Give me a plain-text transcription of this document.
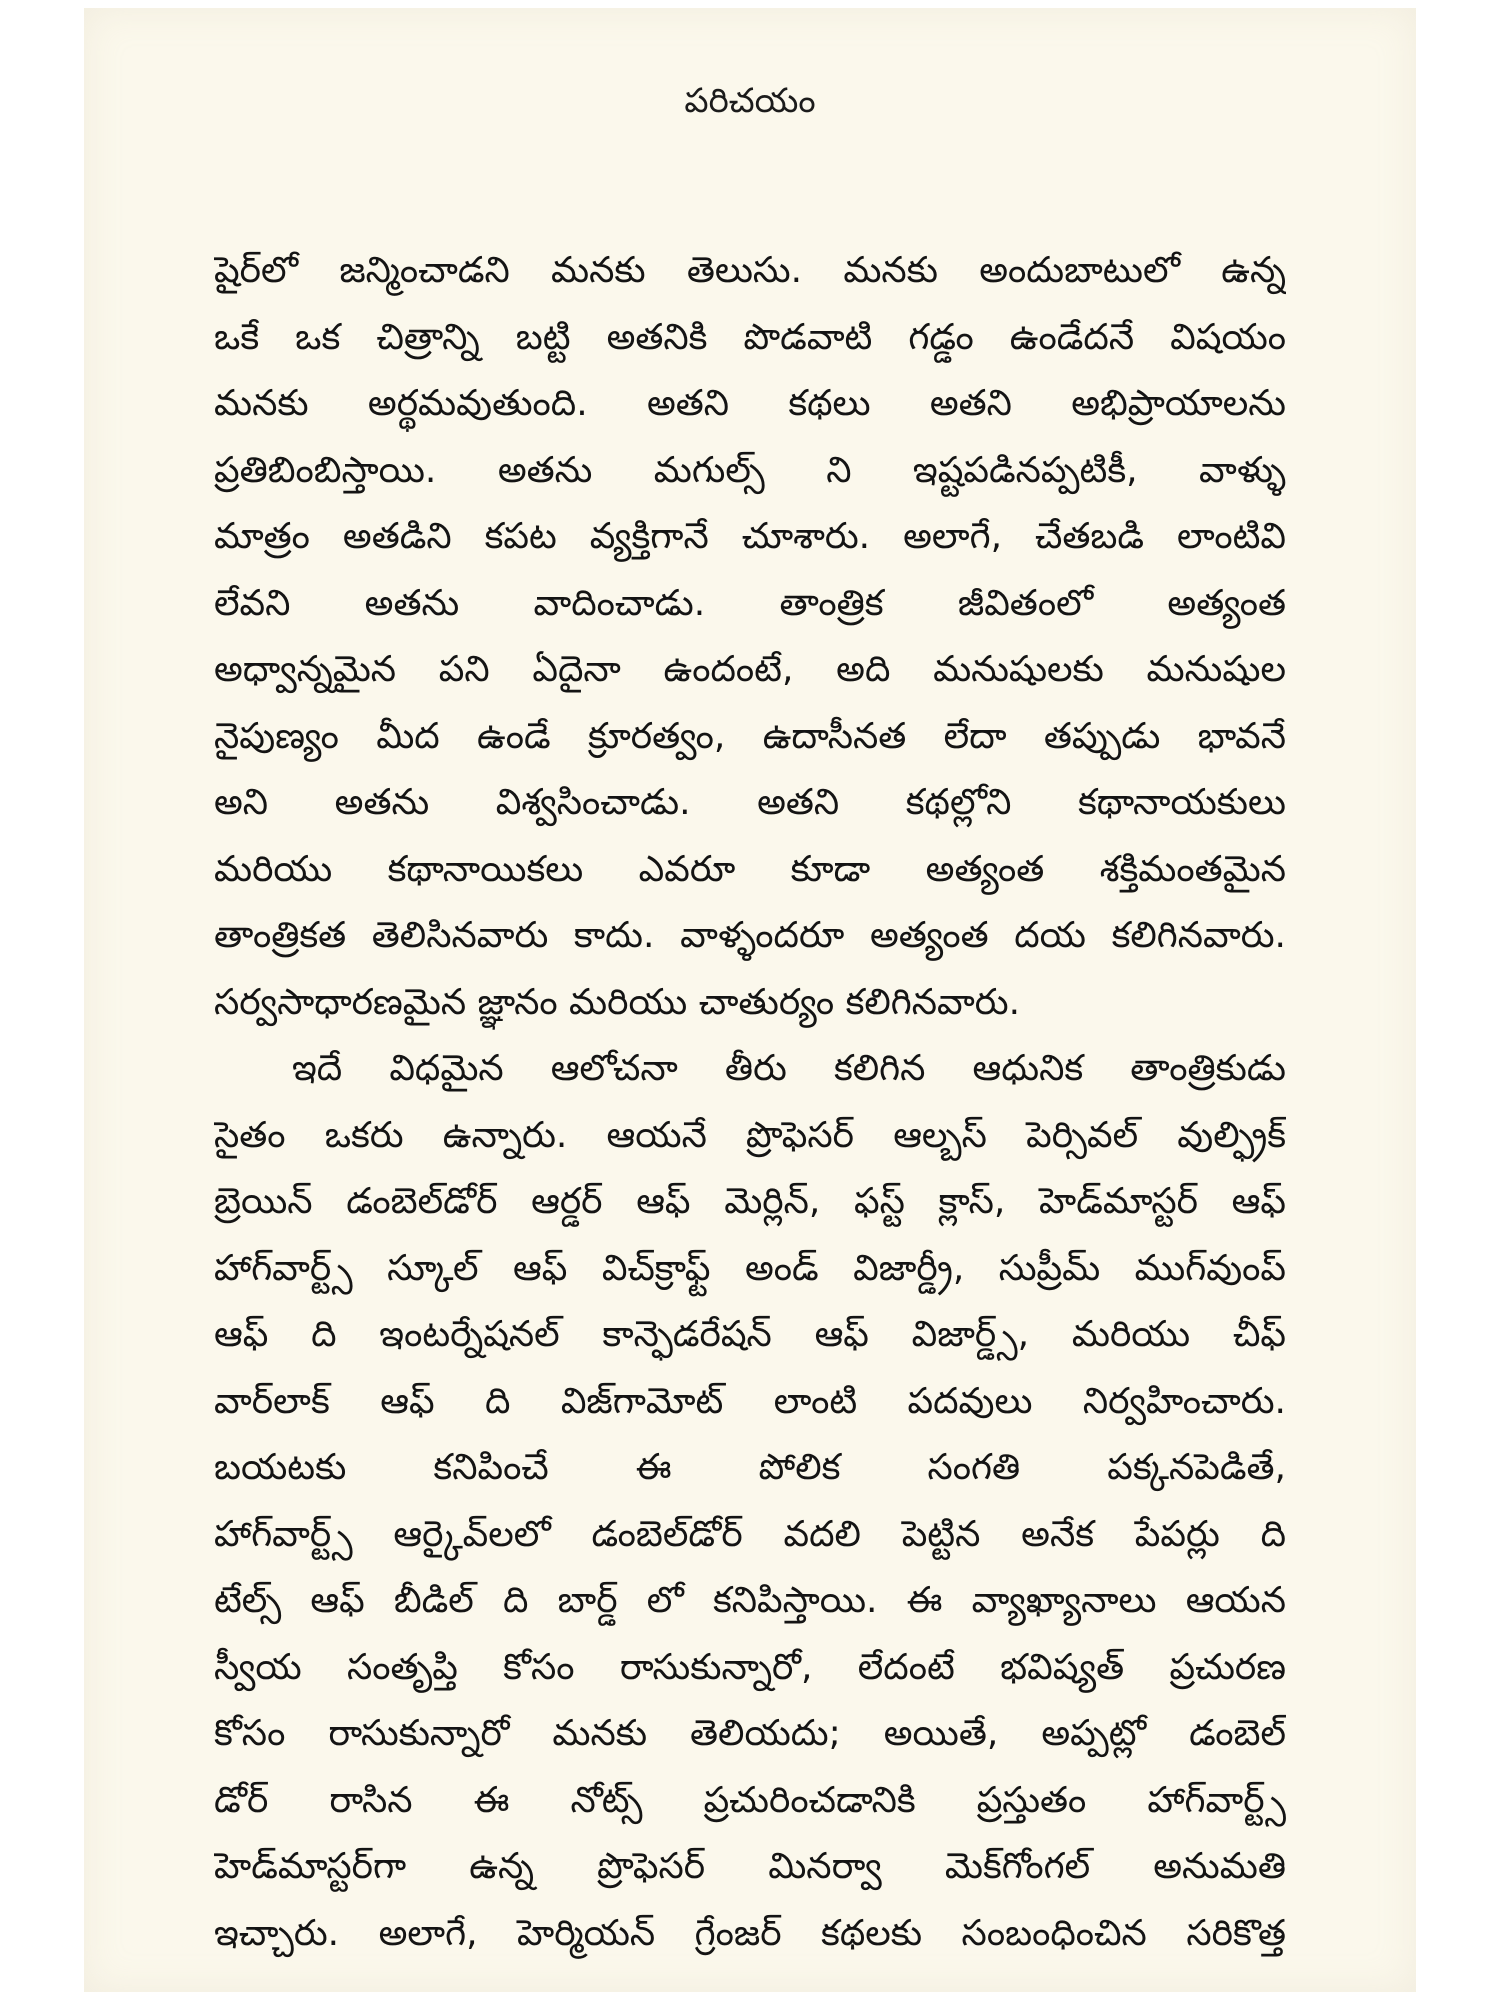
పరిచయం
షైర్‌లో జన్మించాడని మనకు తెలుసు. మనకు అందుబాటులో ఉన్న
ఒకే ఒక చిత్రాన్ని బట్టి అతనికి పొడవాటి గడ్డం ఉండేదనే విషయం
మనకు అర్థమవుతుంది. అతని కథలు అతని అభిప్రాయాలను
ప్రతిబింబిస్తాయి. అతను మగుల్స్ ని ఇష్టపడినప్పటికీ, వాళ్ళు
మాత్రం అతడిని కపట వ్యక్తిగానే చూశారు. అలాగే, చేతబడి లాంటివి
లేవని అతను వాదించాడు. తాంత్రిక జీవితంలో అత్యంత
అధ్వాన్నమైన పని ఏదైనా ఉందంటే, అది మనుషులకు మనుషుల
నైపుణ్యం మీద ఉండే క్రూరత్వం, ఉదాసీనత లేదా తప్పుడు భావనే
అని అతను విశ్వసించాడు. అతని కథల్లోని కథానాయకులు
మరియు కథానాయికలు ఎవరూ కూడా అత్యంత శక్తిమంతమైన
తాంత్రికత తెలిసినవారు కాదు. వాళ్ళందరూ అత్యంత దయ కలిగినవారు.
సర్వసాధారణమైన జ్ఞానం మరియు చాతుర్యం కలిగినవారు.
ఇదే విధమైన ఆలోచనా తీరు కలిగిన ఆధునిక తాంత్రికుడు
సైతం ఒకరు ఉన్నారు. ఆయనే ప్రొఫెసర్ ఆల్బస్ పెర్సివల్ వుల్ఫ్రిక్
బ్రెయిన్ డంబెల్‌డోర్ ఆర్డర్ ఆఫ్ మెర్లిన్, ఫస్ట్ క్లాస్, హెడ్‌మాస్టర్ ఆఫ్
హాగ్‌వార్ట్స్ స్కూల్ ఆఫ్ విచ్‌క్రాఫ్ట్ అండ్ విజార్డ్రీ, సుప్రీమ్ ముగ్‌వుంప్
ఆఫ్ ది ఇంటర్నేషనల్ కాన్ఫెడరేషన్ ఆఫ్ విజార్డ్స్, మరియు చీఫ్
వార్‌లాక్ ఆఫ్ ది విజ్‌గామోట్ లాంటి పదవులు నిర్వహించారు.
బయటకు కనిపించే ఈ పోలిక సంగతి పక్కనపెడితే,
హాగ్‌వార్ట్స్ ఆర్కైవ్‌లలో డంబెల్‌డోర్ వదలి పెట్టిన అనేక పేపర్లు ది
టేల్స్ ఆఫ్ బీడిల్ ది బార్డ్ లో కనిపిస్తాయి. ఈ వ్యాఖ్యానాలు ఆయన
స్వీయ సంతృప్తి కోసం రాసుకున్నారో, లేదంటే భవిష్యత్ ప్రచురణ
కోసం రాసుకున్నారో మనకు తెలియదు; అయితే, అప్పట్లో డంబెల్
డోర్ రాసిన ఈ నోట్స్ ప్రచురించడానికి ప్రస్తుతం హాగ్‌వార్ట్స్
హెడ్‌మాస్టర్‌గా ఉన్న ప్రొఫెసర్ మినర్వా మెక్‌గోంగల్ అనుమతి
ఇచ్చారు. అలాగే, హెర్మియన్ గ్రేంజర్ కథలకు సంబంధించిన సరికొత్త
